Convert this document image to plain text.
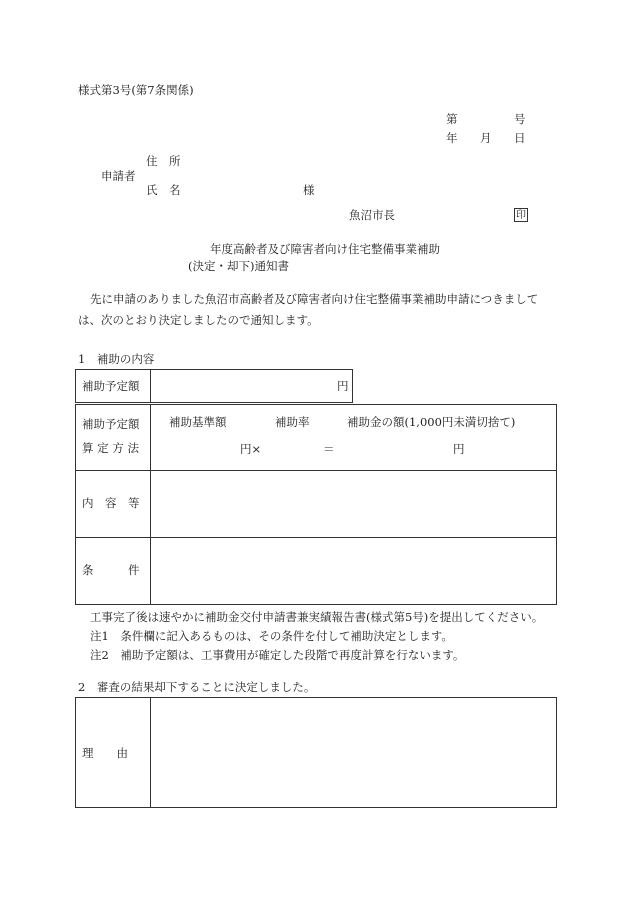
様式第3号(第7条関係)
第	号
年 月 日
住　所
申請者
氏　名	様
魚沼市長	印
年度高齢者及び障害者向け住宅整備事業補助
(決定・却下)通知書
先に申請のありました魚沼市高齢者及び障害者向け住宅整備事業補助申請につきまして
は、次のとおり決定しましたので通知します。
1　補助の内容
補助予定額	円
補助予定額
算 定 方 法
補助基準額	補助率	補助金の額(1,000円未満切捨て)
円×	＝	円
内　容　等
条　　　件
工事完了後は速やかに補助金交付申請書兼実績報告書(様式第5号)を提出してください。
注1　条件欄に記入あるものは、その条件を付して補助決定とします。
注2　補助予定額は、工事費用が確定した段階で再度計算を行ないます。
2　審査の結果却下することに決定しました。
理　　由
